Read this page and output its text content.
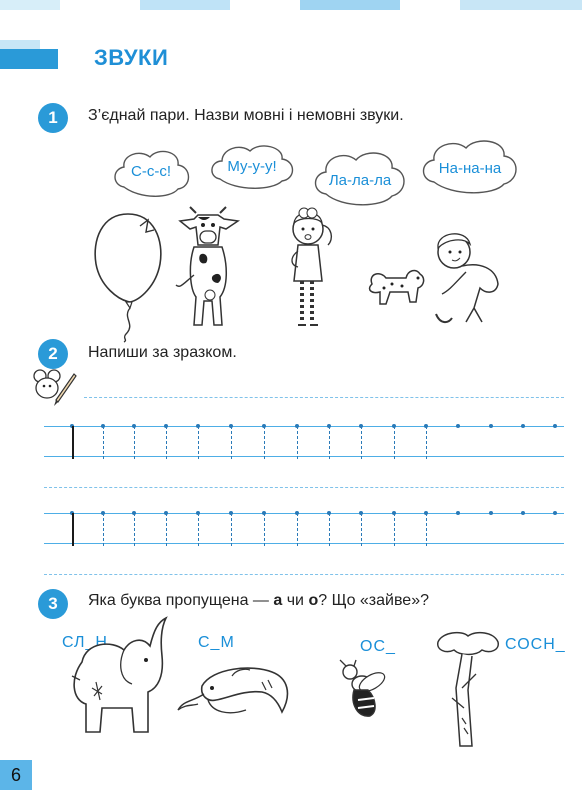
ЗВУКИ
1	З’єднай пари. Назви мовні і немовні звуки.
С-с-с!	Му-у-у!
Ла-ла-ла
На-на-на
2	Напиши за зразком.
3	Яка буква пропущена — а чи о? Що «зайве»?
СЛ_Н	С_М	ОС_	СОСН_
6
